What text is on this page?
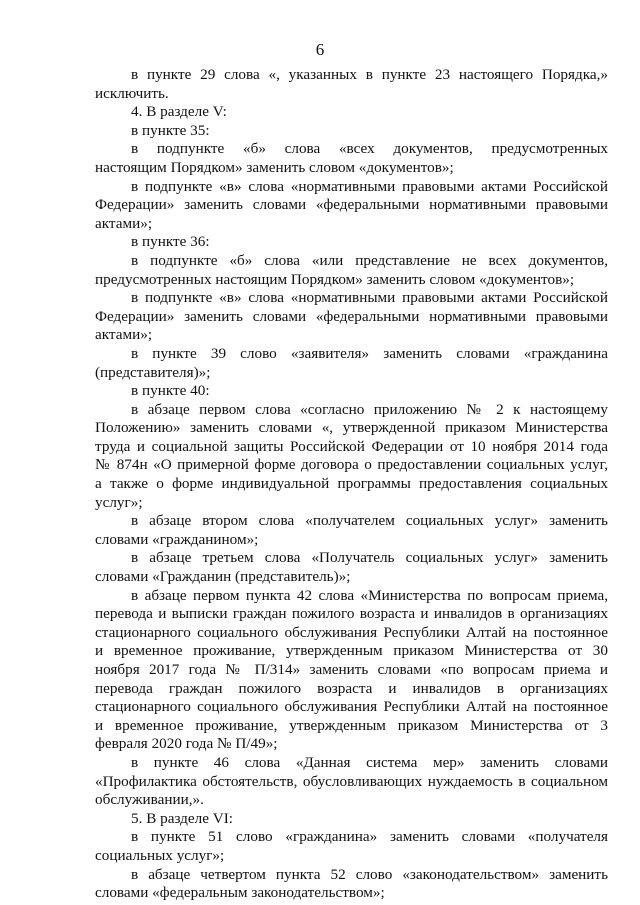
6
в пункте 29 слова «, указанных в пункте 23 настоящего Порядка,»
исключить.
4. В разделе V:
в пункте 35:
в подпункте «б» слова «всех документов, предусмотренных
настоящим Порядком» заменить словом «документов»;
в подпункте «в» слова «нормативными правовыми актами Российской
Федерации» заменить словами «федеральными нормативными правовыми
актами»;
в пункте 36:
в подпункте «б» слова «или представление не всех документов,
предусмотренных настоящим Порядком» заменить словом «документов»;
в подпункте «в» слова «нормативными правовыми актами Российской
Федерации» заменить словами «федеральными нормативными правовыми
актами»;
в пункте 39 слово «заявителя» заменить словами «гражданина
(представителя)»;
в пункте 40:
в абзаце первом слова «согласно приложению № 2 к настоящему
Положению» заменить словами «, утвержденной приказом Министерства
труда и социальной защиты Российской Федерации от 10 ноября 2014 года
№ 874н «О примерной форме договора о предоставлении социальных услуг,
а также о форме индивидуальной программы предоставления социальных
услуг»;
в абзаце втором слова «получателем социальных услуг» заменить
словами «гражданином»;
в абзаце третьем слова «Получатель социальных услуг» заменить
словами «Гражданин (представитель)»;
в абзаце первом пункта 42 слова «Министерства по вопросам приема,
перевода и выписки граждан пожилого возраста и инвалидов в организациях
стационарного социального обслуживания Республики Алтай на постоянное
и временное проживание, утвержденным приказом Министерства от 30
ноября 2017 года № П/314» заменить словами «по вопросам приема и
перевода граждан пожилого возраста и инвалидов в организациях
стационарного социального обслуживания Республики Алтай на постоянное
и временное проживание, утвержденным приказом Министерства от 3
февраля 2020 года № П/49»;
в пункте 46 слова «Данная система мер» заменить словами
«Профилактика обстоятельств, обусловливающих нуждаемость в социальном
обслуживании,».
5. В разделе VI:
в пункте 51 слово «гражданина» заменить словами «получателя
социальных услуг»;
в абзаце четвертом пункта 52 слово «законодательством» заменить
словами «федеральным законодательством»;
